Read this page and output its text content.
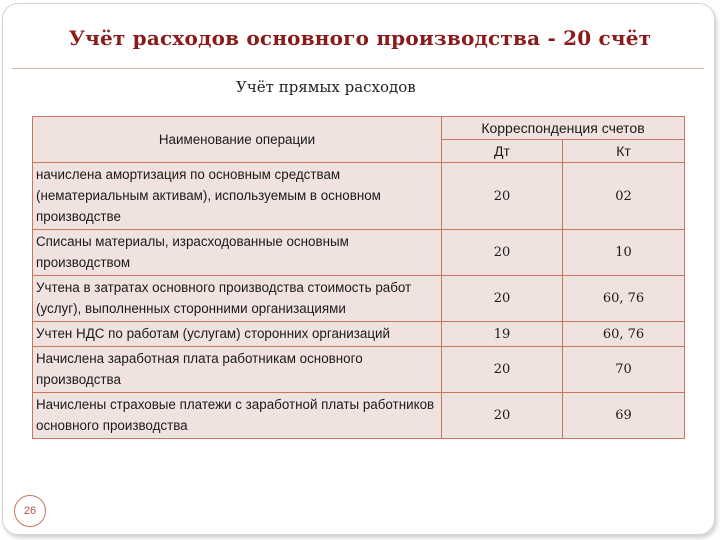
Учёт расходов основного производства - 20 счёт
Учёт прямых расходов
Наименование операции	Корреспонденция счетов	
	Дт	Кт
начислена амортизация по основным средствам (нематериальным активам), используемым в основном производстве	20	02
Списаны материалы, израсходованные основным производством	20	10
Учтена в затратах основного производства стоимость работ (услуг), выполненных сторонними организациями	20	60, 76
Учтен НДС по работам (услугам) сторонних организаций	19	60, 76
Начислена заработная плата работникам основного производства	20	70
Начислены страховые платежи с заработной платы работников основного производства	20	69
26
